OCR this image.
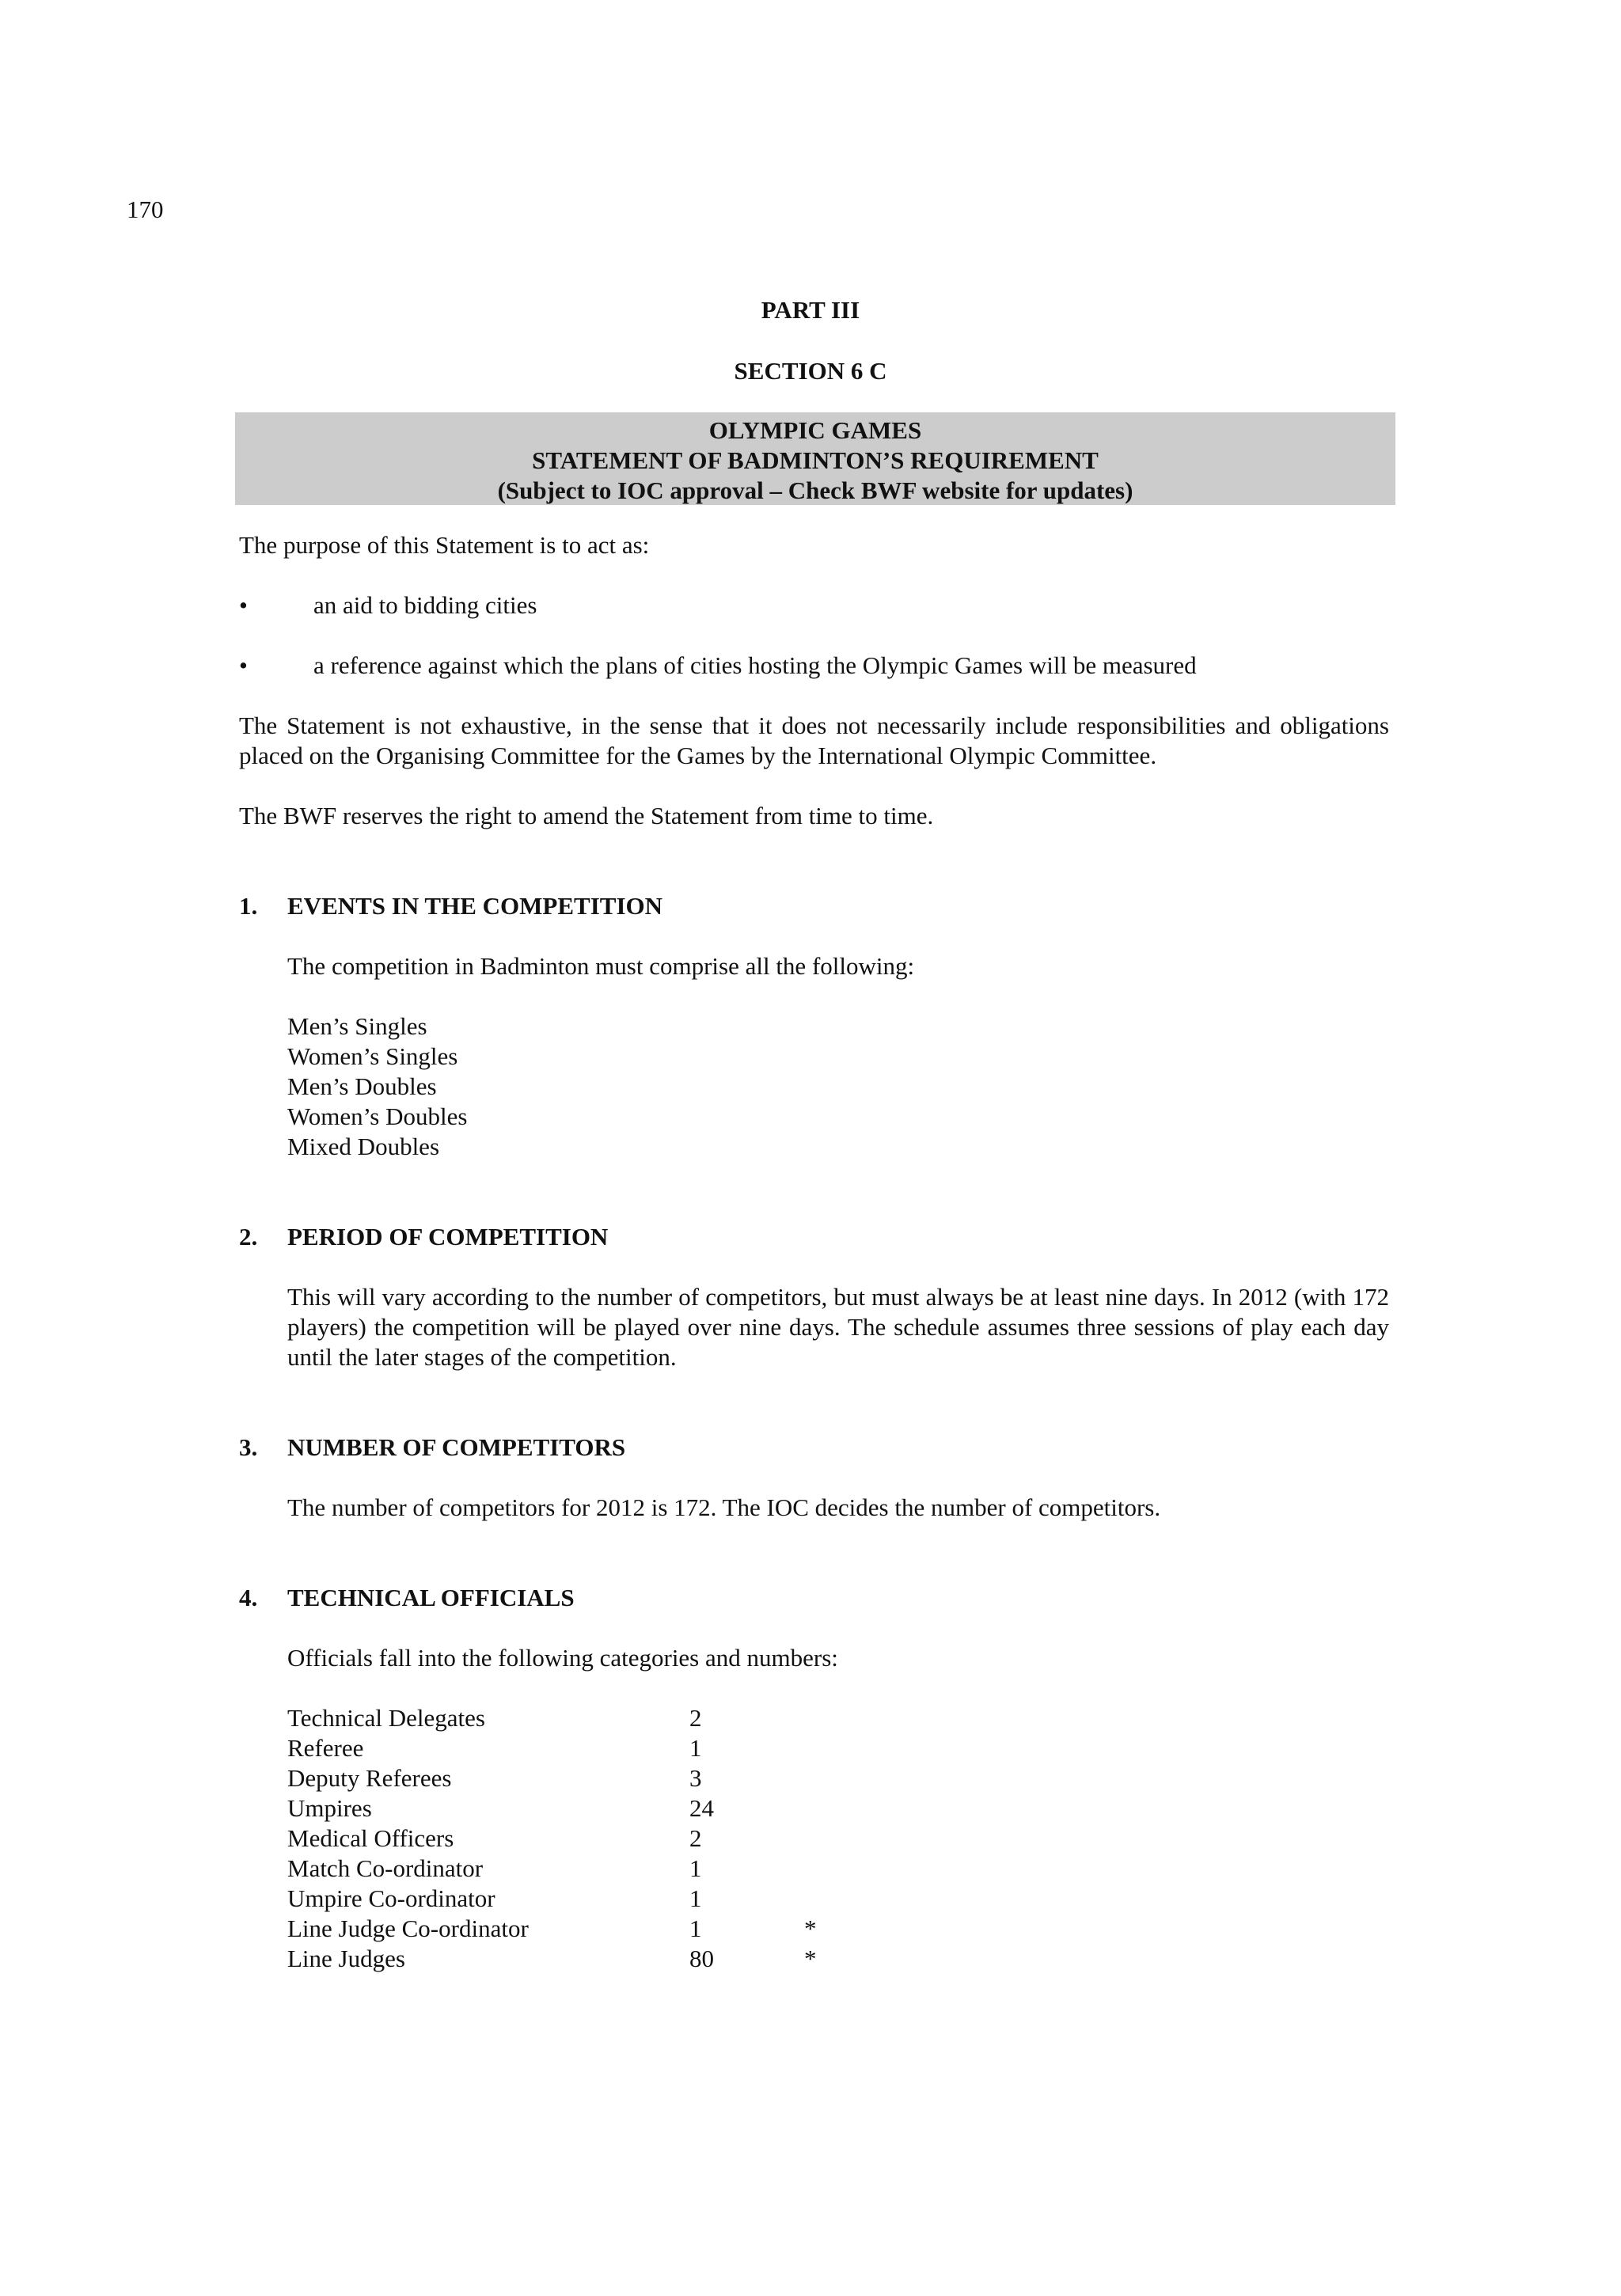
170
PART III
SECTION 6 C
OLYMPIC GAMES
STATEMENT OF BADMINTON’S REQUIREMENT
(Subject to IOC approval – Check BWF website for updates)

The purpose of this Statement is to act as:

•	an aid to bidding cities
•	a reference against which the plans of cities hosting the Olympic Games will be measured

The Statement is not exhaustive, in the sense that it does not necessarily include responsibilities and obligations placed on the Organising Committee for the Games by the International Olympic Committee.

The BWF reserves the right to amend the Statement from time to time.

1.	EVENTS IN THE COMPETITION

The competition in Badminton must comprise all the following:

Men’s Singles

Women’s Singles

Men’s Doubles

Women’s Doubles

Mixed Doubles

2.	PERIOD OF COMPETITION

This will vary according to the number of competitors, but must always be at least nine days. In 2012 (with 172 players) the competition will be played over nine days. The schedule assumes three sessions of play each day until the later stages of the competition.

3.	NUMBER OF COMPETITORS

The number of competitors for 2012 is 172. The IOC decides the number of competitors.

4.	TECHNICAL OFFICIALS

Officials fall into the following categories and numbers:

Technical Delegates	2
Referee	1
Deputy Referees	3
Umpires	24
Medical Officers	2
Match Co-ordinator	1
Umpire Co-ordinator	1
Line Judge Co-ordinator	1	*
Line Judges	80	*
